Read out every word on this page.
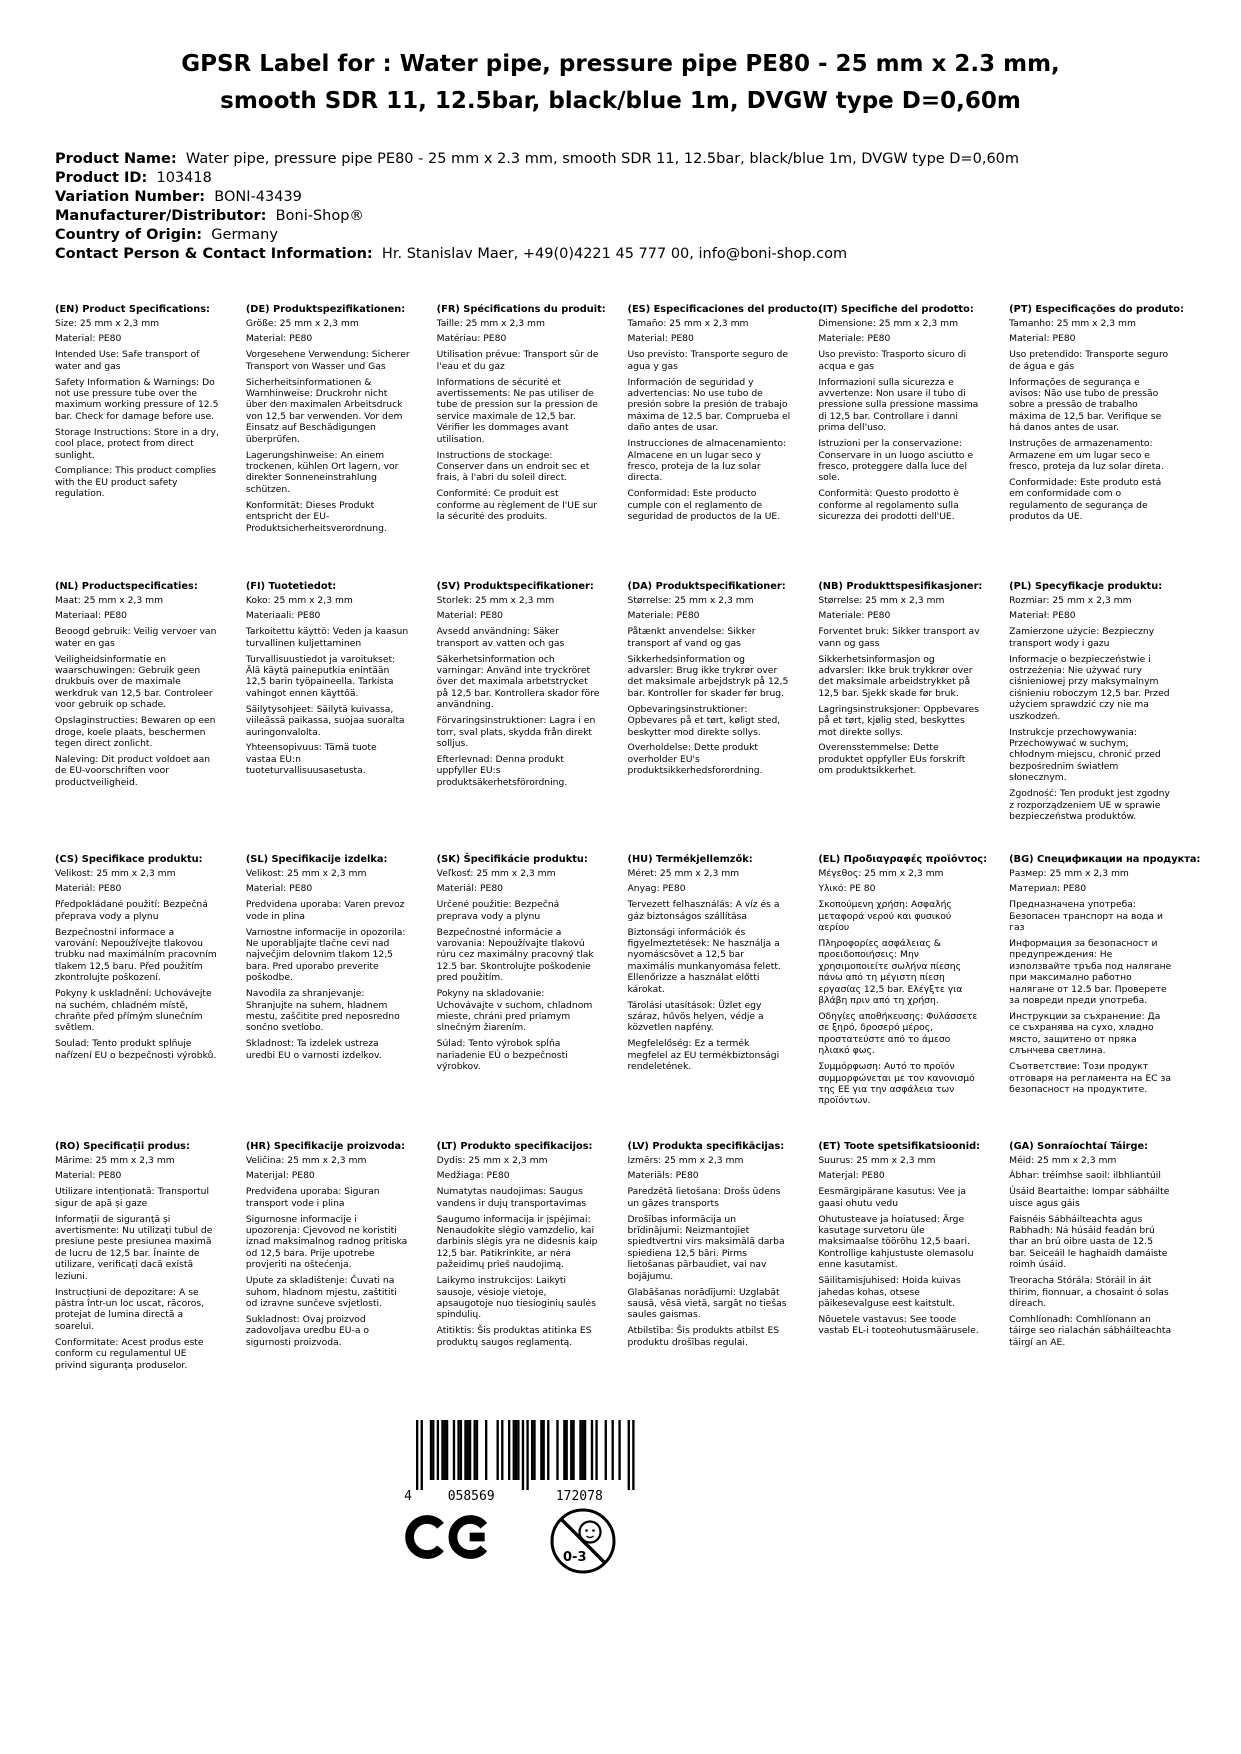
GPSR Label for : Water pipe, pressure pipe PE80 - 25 mm x 2.3 mm,
smooth SDR 11, 12.5bar, black/blue 1m, DVGW type D=0,60m
Product Name:  Water pipe, pressure pipe PE80 - 25 mm x 2.3 mm, smooth SDR 11, 12.5bar, black/blue 1m, DVGW type D=0,60m
Product ID:  103418
Variation Number:  BONI-43439
Manufacturer/Distributor:  Boni-Shop®
Country of Origin:  Germany
Contact Person & Contact Information:  Hr. Stanislav Maer, +49(0)4221 45 777 00, info@boni-shop.com
(EN) Product Specifications:

Size: 25 mm x 2,3 mm

Material: PE80

Intended Use: Safe transport of water and gas

Safety Information & Warnings: Do not use pressure tube over the maximum working pressure of 12.5 bar. Check for damage before use.

Storage Instructions: Store in a dry, cool place, protect from direct sunlight.

Compliance: This product complies with the EU product safety regulation.

(DE) Produktspezifikationen:

Größe: 25 mm x 2,3 mm

Material: PE80

Vorgesehene Verwendung: Sicherer Transport von Wasser und Gas

Sicherheitsinformationen & Warnhinweise: Druckrohr nicht über den maximalen Arbeitsdruck von 12,5 bar verwenden. Vor dem Einsatz auf Beschädigungen überprüfen.

Lagerungshinweise: An einem trockenen, kühlen Ort lagern, vor direkter Sonneneinstrahlung schützen.

Konformität: Dieses Produkt entspricht der EU-Produktsicherheitsverordnung.

(FR) Spécifications du produit:

Taille: 25 mm x 2,3 mm

Matériau: PE80

Utilisation prévue: Transport sûr de l'eau et du gaz

Informations de sécurité et avertissements: Ne pas utiliser de tube de pression sur la pression de service maximale de 12,5 bar. Vérifier les dommages avant utilisation.

Instructions de stockage: Conserver dans un endroit sec et frais, à l'abri du soleil direct.

Conformité: Ce produit est conforme au règlement de l'UE sur la sécurité des produits.

(ES) Especificaciones del producto:

Tamaño: 25 mm x 2,3 mm

Material: PE80

Uso previsto: Transporte seguro de agua y gas

Información de seguridad y advertencias: No use tubo de presión sobre la presión de trabajo máxima de 12.5 bar. Comprueba el daño antes de usar.

Instrucciones de almacenamiento: Almacene en un lugar seco y fresco, proteja de la luz solar directa.

Conformidad: Este producto cumple con el reglamento de seguridad de productos de la UE.

(IT) Specifiche del prodotto:

Dimensione: 25 mm x 2,3 mm

Materiale: PE80

Uso previsto: Trasporto sicuro di acqua e gas

Informazioni sulla sicurezza e avvertenze: Non usare il tubo di pressione sulla pressione massima di 12,5 bar. Controllare i danni prima dell'uso.

Istruzioni per la conservazione: Conservare in un luogo asciutto e fresco, proteggere dalla luce del sole.

Conformità: Questo prodotto è conforme al regolamento sulla sicurezza dei prodotti dell'UE.

(PT) Especificações do produto:

Tamanho: 25 mm x 2,3 mm

Material: PE80

Uso pretendido: Transporte seguro de água e gás

Informações de segurança e avisos: Não use tubo de pressão sobre a pressão de trabalho máxima de 12,5 bar. Verifique se há danos antes de usar.

Instruções de armazenamento: Armazene em um lugar seco e fresco, proteja da luz solar direta.

Conformidade: Este produto está em conformidade com o regulamento de segurança de produtos da UE.

(NL) Productspecificaties:

Maat: 25 mm x 2,3 mm

Materiaal: PE80

Beoogd gebruik: Veilig vervoer van water en gas

Veiligheidsinformatie en waarschuwingen: Gebruik geen drukbuis over de maximale werkdruk van 12,5 bar. Controleer voor gebruik op schade.

Opslaginstructies: Bewaren op een droge, koele plaats, beschermen tegen direct zonlicht.

Naleving: Dit product voldoet aan de EU-voorschriften voor productveiligheid.

(FI) Tuotetiedot:

Koko: 25 mm x 2,3 mm

Materiaali: PE80

Tarkoitettu käyttö: Veden ja kaasun turvallinen kuljettaminen

Turvallisuustiedot ja varoitukset: Älä käytä paineputkia enintään 12,5 barin työpaineella. Tarkista vahingot ennen käyttöä.

Säilytysohjeet: Säilytä kuivassa, viileässä paikassa, suojaa suoralta auringonvalolta.

Yhteensopivuus: Tämä tuote vastaa EU:n tuoteturvallisuusasetusta.

(SV) Produktspecifikationer:

Storlek: 25 mm x 2,3 mm

Material: PE80

Avsedd användning: Säker transport av vatten och gas

Säkerhetsinformation och varningar: Använd inte tryckröret över det maximala arbetstrycket på 12,5 bar. Kontrollera skador före användning.

Förvaringsinstruktioner: Lagra i en torr, sval plats, skydda från direkt solljus.

Efterlevnad: Denna produkt uppfyller EU:s produktsäkerhetsförordning.

(DA) Produktspecifikationer:

Størrelse: 25 mm x 2,3 mm

Materiale: PE80

Påtænkt anvendelse: Sikker transport af vand og gas

Sikkerhedsinformation og advarsler: Brug ikke trykrør over det maksimale arbejdstryk på 12,5 bar. Kontroller for skader før brug.

Opbevaringsinstruktioner: Opbevares på et tørt, køligt sted, beskytter mod direkte sollys.

Overholdelse: Dette produkt overholder EU's produktsikkerhedsforordning.

(NB) Produkttspesifikasjoner:

Størrelse: 25 mm x 2,3 mm

Materiale: PE80

Forventet bruk: Sikker transport av vann og gass

Sikkerhetsinformasjon og advarsler: Ikke bruk trykkrør over det maksimale arbeidstrykket på 12,5 bar. Sjekk skade før bruk.

Lagringsinstruksjoner: Oppbevares på et tørt, kjølig sted, beskyttes mot direkte sollys.

Overensstemmelse: Dette produktet oppfyller EUs forskrift om produktsikkerhet.

(PL) Specyfikacje produktu:

Rozmiar: 25 mm x 2,3 mm

Materiał: PE80

Zamierzone użycie: Bezpieczny transport wody i gazu

Informacje o bezpieczeństwie i ostrzeżenia: Nie używać rury ciśnieniowej przy maksymalnym ciśnieniu roboczym 12,5 bar. Przed użyciem sprawdzić czy nie ma uszkodzeń.

Instrukcje przechowywania: Przechowywać w suchym, chłodnym miejscu, chronić przed bezpośrednim światłem słonecznym.

Zgodność: Ten produkt jest zgodny z rozporządzeniem UE w sprawie bezpieczeństwa produktów.

(CS) Specifikace produktu:

Velikost: 25 mm x 2,3 mm

Materiál: PE80

Předpokládané použití: Bezpečná přeprava vody a plynu

Bezpečnostní informace a varování: Nepoužívejte tlakovou trubku nad maximálním pracovním tlakem 12,5 baru. Před použitím zkontrolujte poškození.

Pokyny k uskladnění: Uchovávejte na suchém, chladném místě, chraňte před přímým slunečním světlem.

Soulad: Tento produkt splňuje nařízení EU o bezpečnosti výrobků.

(SL) Specifikacije izdelka:

Velikost: 25 mm x 2,3 mm

Material: PE80

Predvidena uporaba: Varen prevoz vode in plina

Varnostne informacije in opozorila: Ne uporabljajte tlačne cevi nad največjim delovnim tlakom 12,5 bara. Pred uporabo preverite poškodbe.

Navodila za shranjevanje: Shranjujte na suhem, hladnem mestu, zaščitite pred neposredno sončno svetlobo.

Skladnost: Ta izdelek ustreza uredbi EU o varnosti izdelkov.

(SK) Špecifikácie produktu:

Veľkosť: 25 mm x 2,3 mm

Materiál: PE80

Určené použitie: Bezpečná preprava vody a plynu

Bezpečnostné informácie a varovania: Nepoužívajte tlakovú rúru cez maximálny pracovný tlak 12.5 bar. Skontrolujte poškodenie pred použitím.

Pokyny na skladovanie: Uchovávajte v suchom, chladnom mieste, chráni pred priamym slnečným žiarením.

Súlad: Tento výrobok spĺňa nariadenie EÚ o bezpečnosti výrobkov.

(HU) Termékjellemzők:

Méret: 25 mm x 2,3 mm

Anyag: PE80

Tervezett felhasználás: A víz és a gáz biztonságos szállítása

Biztonsági információk és figyelmeztetések: Ne használja a nyomáscsövet a 12,5 bar maximális munkanyomása felett. Ellenőrizze a használat előtti károkat.

Tárolási utasítások: Üzlet egy száraz, hűvös helyen, védje a közvetlen napfény.

Megfelelőség: Ez a termék megfelel az EU termékbiztonsági rendeletének.

(EL) Προδιαγραφές προϊόντος:

Μέγεθος: 25 mm x 2,3 mm

Υλικό: PE 80

Σκοπούμενη χρήση: Ασφαλής μεταφορά νερού και φυσικού αερίου

Πληροφορίες ασφάλειας & προειδοποιήσεις: Μην χρησιμοποιείτε σωλήνα πίεσης πάνω από τη μέγιστη πίεση εργασίας 12,5 bar. Ελέγξτε για βλάβη πριν από τη χρήση.

Οδηγίες αποθήκευσης: Φυλάσσετε σε ξηρό, δροσερό μέρος, προστατεύστε από το άμεσο ηλιακό φως.

Συμμόρφωση: Αυτό το προϊόν συμμορφώνεται με τον κανονισμό της ΕΕ για την ασφάλεια των προϊόντων.

(BG) Спецификации на продукта:

Размер: 25 mm x 2,3 mm

Материал: PE80

Предназначена употреба: Безопасен транспорт на вода и газ

Информация за безопасност и предупреждения: Не използвайте тръба под налягане при максимално работно налягане от 12.5 bar. Проверете за повреди преди употреба.

Инструкции за съхранение: Да се съхранява на сухо, хладно място, защитено от пряка слънчева светлина.

Съответствие: Този продукт отговаря на регламента на ЕС за безопасност на продуктите.

(RO) Specificații produs:

Mărime: 25 mm x 2,3 mm

Material: PE80

Utilizare intenționată: Transportul sigur de apă și gaze

Informații de siguranță și avertismente: Nu utilizați tubul de presiune peste presiunea maximă de lucru de 12,5 bar. Înainte de utilizare, verificați dacă există leziuni.

Instrucțiuni de depozitare: A se păstra într-un loc uscat, răcoros, protejat de lumina directă a soarelui.

Conformitate: Acest produs este conform cu regulamentul UE privind siguranța produselor.

(HR) Specifikacije proizvoda:

Veličina: 25 mm x 2,3 mm

Materijal: PE80

Predviđena uporaba: Siguran transport vode i plina

Sigurnosne informacije i upozorenja: Cjevovod ne koristiti iznad maksimalnog radnog pritiska od 12,5 bara. Prije upotrebe provjeriti na oštećenja.

Upute za skladištenje: Čuvati na suhom, hladnom mjestu, zaštititi od izravne sunčeve svjetlosti.

Sukladnost: Ovaj proizvod zadovoljava uredbu EU-a o sigurnosti proizvoda.

(LT) Produkto specifikacijos:

Dydis: 25 mm x 2,3 mm

Medžiaga: PE80

Numatytas naudojimas: Saugus vandens ir dujų transportavimas

Saugumo informacija ir įspėjimai: Nenaudokite slėgio vamzdelio, kai darbinis slėgis yra ne didesnis kaip 12,5 bar. Patikrinkite, ar nėra pažeidimų prieš naudojimą.

Laikymo instrukcijos: Laikyti sausoje, vėsioje vietoje, apsaugotoje nuo tiesioginių saulės spindulių.

Atitiktis: Šis produktas atitinka ES produktų saugos reglamentą.

(LV) Produkta specifikācijas:

Izmērs: 25 mm x 2,3 mm

Materiāls: PE80

Paredzētā lietošana: Drošs ūdens un gāzes transports

Drošības informācija un brīdinājumi: Neizmantojiet spiedtvertni virs maksimālā darba spiediena 12,5 bāri. Pirms lietošanas pārbaudiet, vai nav bojājumu.

Glabāšanas norādījumi: Uzglabāt sausā, vēsā vietā, sargāt no tiešas saules gaismas.

Atbilstība: Šis produkts atbilst ES produktu drošības regulai.

(ET) Toote spetsifikatsioonid:

Suurus: 25 mm x 2,3 mm

Materjal: PE80

Eesmärgipärane kasutus: Vee ja gaasi ohutu vedu

Ohutusteave ja hoiatused: Ärge kasutage survetoru üle maksimaalse töörõhu 12,5 baari. Kontrollige kahjustuste olemasolu enne kasutamist.

Säilitamisjuhised: Hoida kuivas jahedas kohas, otsese päikesevalguse eest kaitstult.

Nõuetele vastavus: See toode vastab EL-i tooteohutusmäärusele.

(GA) Sonraíochtaí Táirge:

Méid: 25 mm x 2,3 mm

Ábhar: tréimhse saoil: ilbhliantúil

Úsáid Beartaithe: Iompar sábháilte uisce agus gáis

Faisnéis Sábháilteachta agus Rabhadh: Ná húsáid feadán brú thar an brú oibre uasta de 12.5 bar. Seiceáil le haghaidh damáiste roimh úsáid.

Treoracha Stórála: Stóráil in áit thirim, fionnuar, a chosaint ó solas díreach.

Comhlíonadh: Comhlíonann an táirge seo rialachán sábháilteachta táirgí an AE.

4	058569	172078
0-3
